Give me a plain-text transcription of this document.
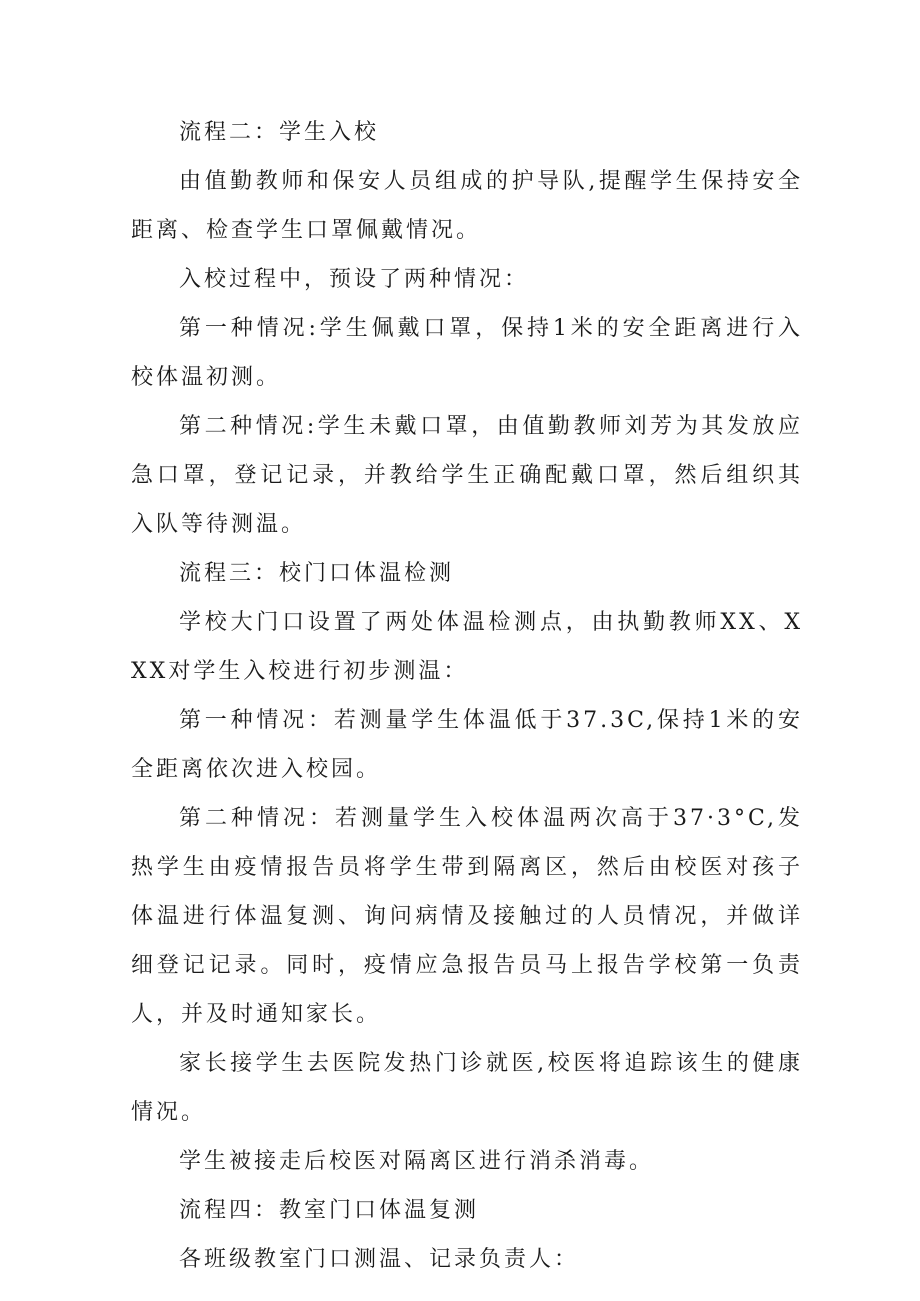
流程二：学生入校

由值勤教师和保安人员组成的护导队,提醒学生保持安全距离、检查学生口罩佩戴情况。

入校过程中，预设了两种情况：

第一种情况:学生佩戴口罩，保持1米的安全距离进行入校体温初测。

第二种情况:学生未戴口罩，由值勤教师刘芳为其发放应急口罩，登记记录，并教给学生正确配戴口罩，然后组织其入队等待测温。

流程三：校门口体温检测

学校大门口设置了两处体温检测点，由执勤教师XX、XXX对学生入校进行初步测温：

第一种情况：若测量学生体温低于37.3C,保持1米的安全距离依次进入校园。

第二种情况：若测量学生入校体温两次高于37·3°C,发热学生由疫情报告员将学生带到隔离区，然后由校医对孩子体温进行体温复测、询问病情及接触过的人员情况，并做详细登记记录。同时，疫情应急报告员马上报告学校第一负责人，并及时通知家长。

家长接学生去医院发热门诊就医,校医将追踪该生的健康情况。

学生被接走后校医对隔离区进行消杀消毒。

流程四：教室门口体温复测

各班级教室门口测温、记录负责人：
